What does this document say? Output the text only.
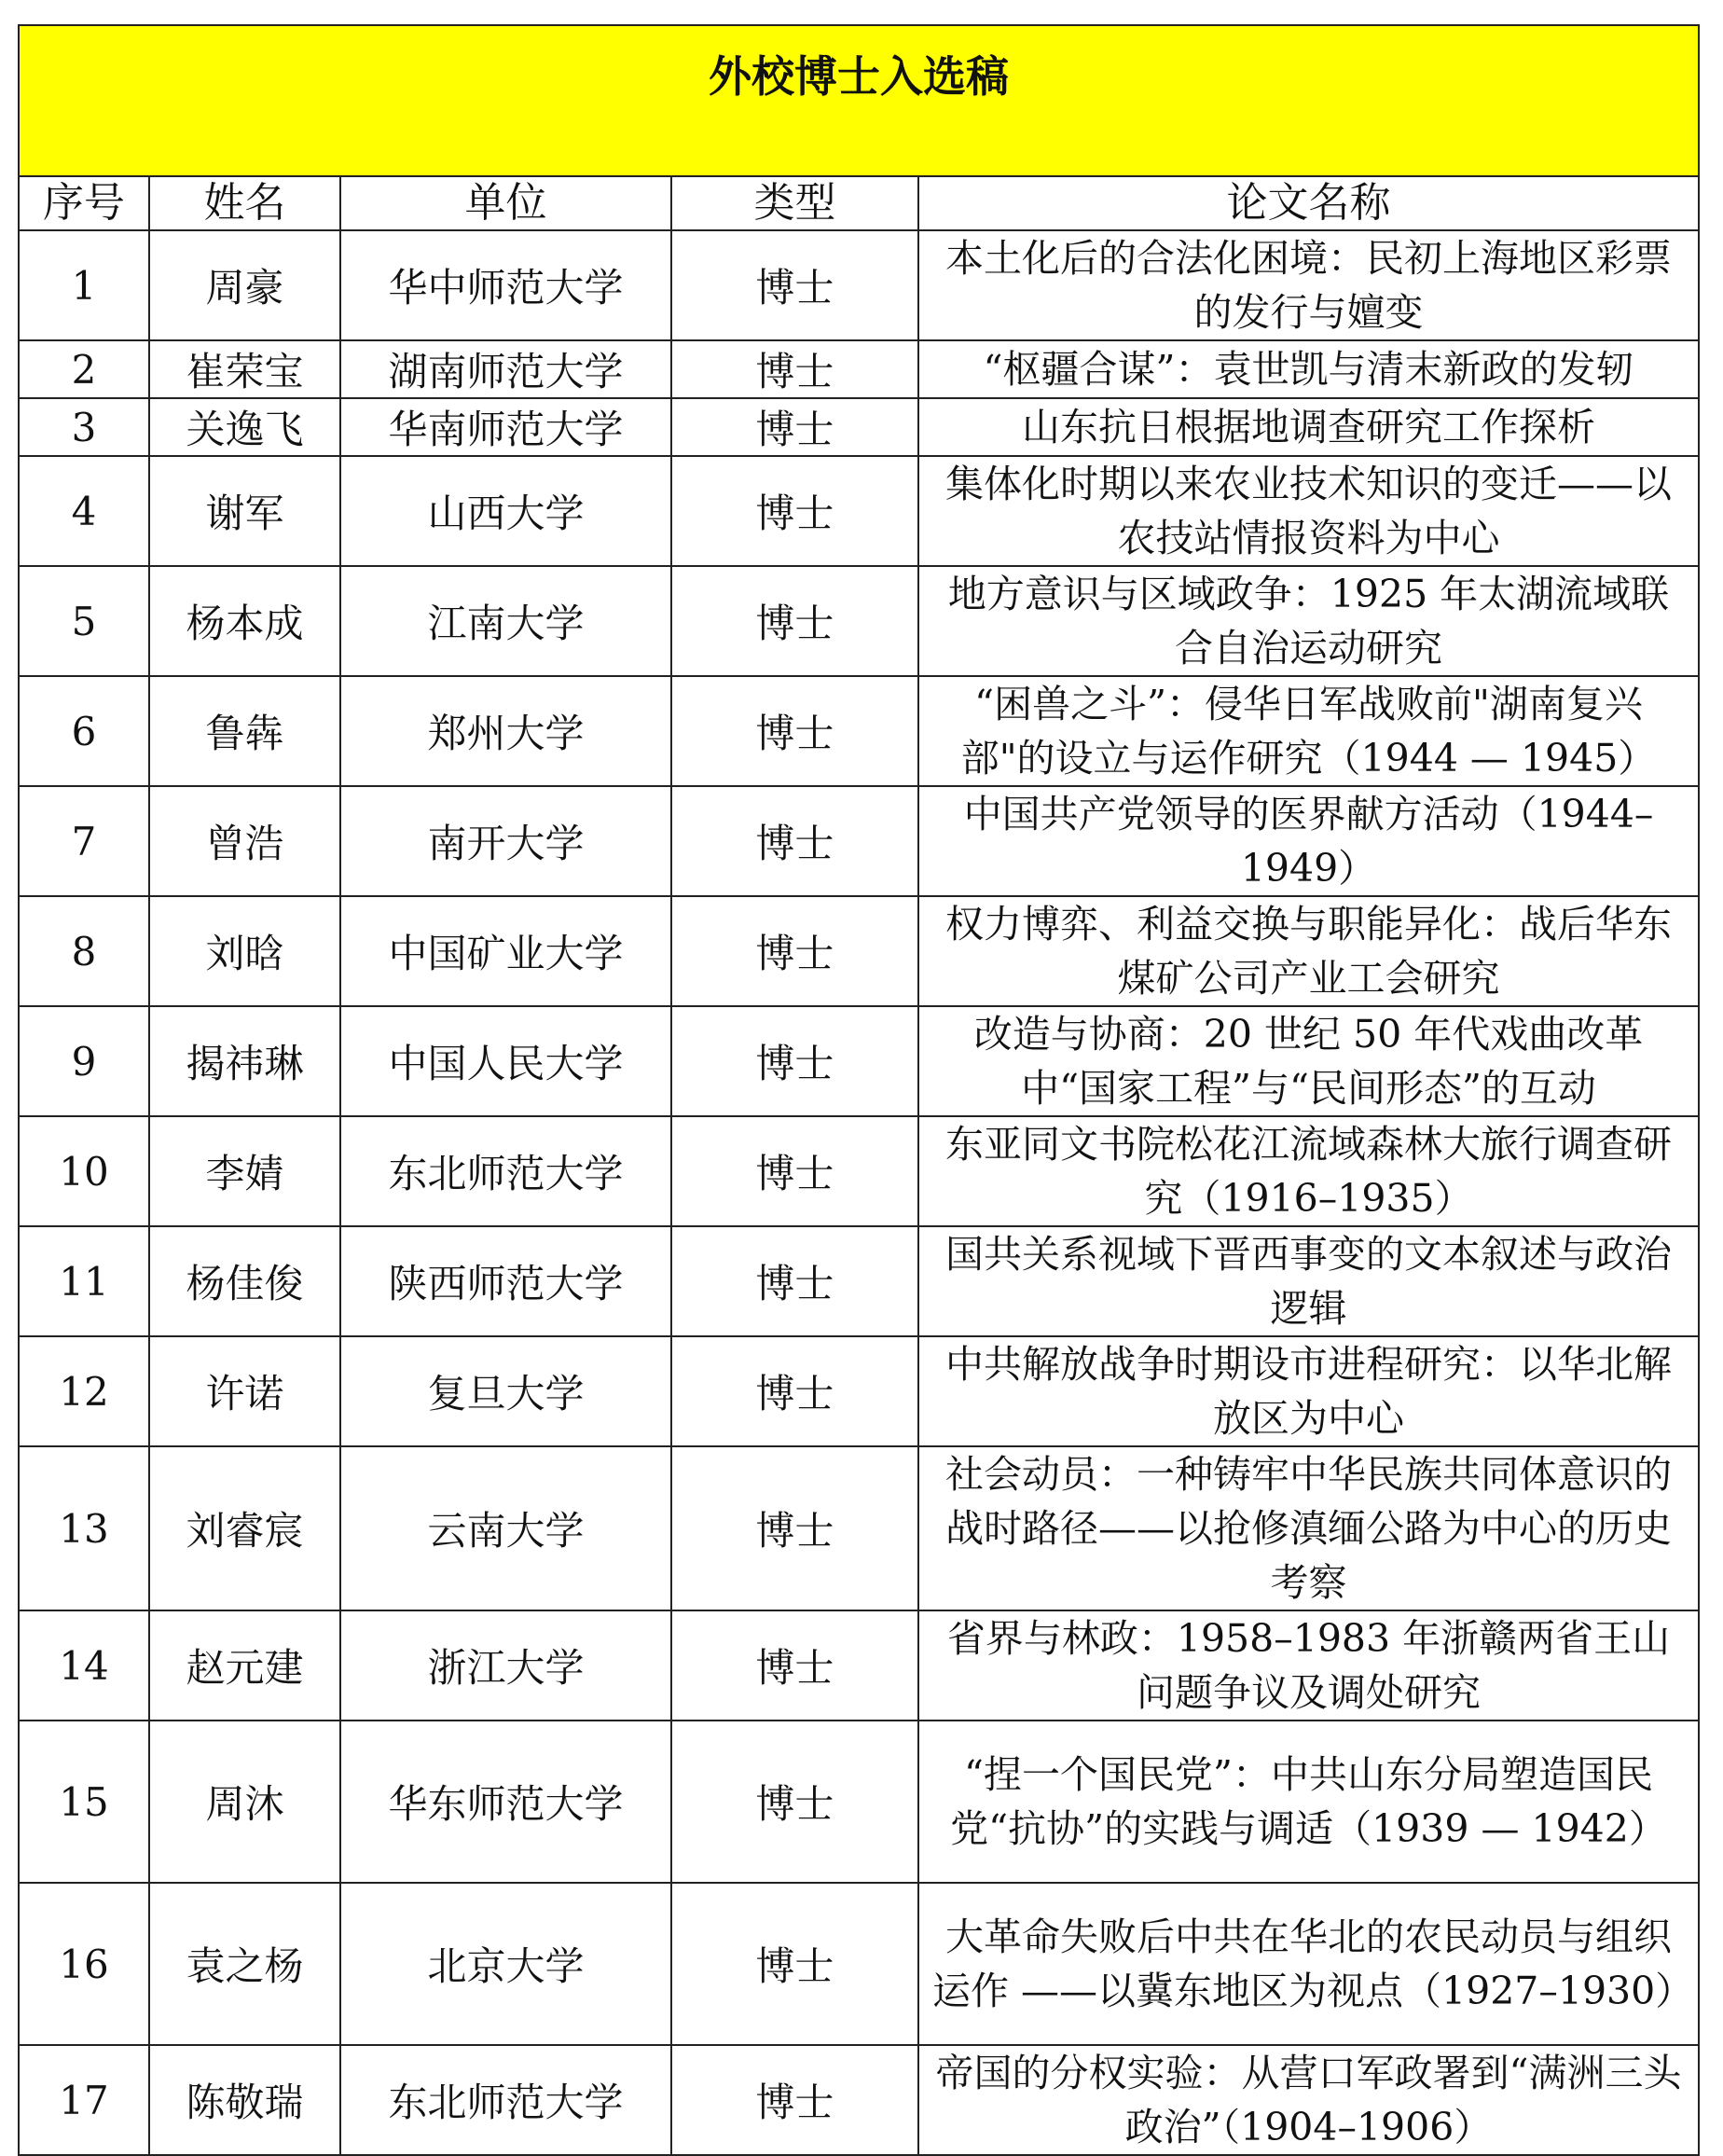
外校博士入选稿				
序号	姓名	单位	类型	论文名称
1	周豪	华中师范大学	博士	本土化后的合法化困境：民初上海地区彩票的发行与嬗变
2	崔荣宝	湖南师范大学	博士	“枢疆合谋”：袁世凯与清末新政的发轫
3	关逸飞	华南师范大学	博士	山东抗日根据地调查研究工作探析
4	谢军	山西大学	博士	集体化时期以来农业技术知识的变迁——以农技站情报资料为中心
5	杨本成	江南大学	博士	地方意识与区域政争：1925 年太湖流域联合自治运动研究
6	鲁犇	郑州大学	博士	“困兽之斗”：侵华日军战败前"湖南复兴部"的设立与运作研究（1944 — 1945）
7	曾浩	南开大学	博士	中国共产党领导的医界献方活动（1944–1949）
8	刘晗	中国矿业大学	博士	权力博弈、利益交换与职能异化：战后华东煤矿公司产业工会研究
9	揭祎琳	中国人民大学	博士	改造与协商：20 世纪 50 年代戏曲改革中“国家工程”与“民间形态”的互动
10	李婧	东北师范大学	博士	东亚同文书院松花江流域森林大旅行调查研究（1916–1935）
11	杨佳俊	陕西师范大学	博士	国共关系视域下晋西事变的文本叙述与政治逻辑
12	许诺	复旦大学	博士	中共解放战争时期设市进程研究：以华北解放区为中心
13	刘睿宸	云南大学	博士	社会动员：一种铸牢中华民族共同体意识的战时路径——以抢修滇缅公路为中心的历史考察
14	赵元建	浙江大学	博士	省界与林政：1958–1983 年浙赣两省王山问题争议及调处研究
15	周沐	华东师范大学	博士	“捏一个国民党”：中共山东分局塑造国民党“抗协”的实践与调适（1939 — 1942）
16	袁之杨	北京大学	博士	大革命失败后中共在华北的农民动员与组织运作 ——以冀东地区为视点（1927–1930）
17	陈敬瑞	东北师范大学	博士	帝国的分权实验：从营口军政署到“满洲三头政治”（1904–1906）
